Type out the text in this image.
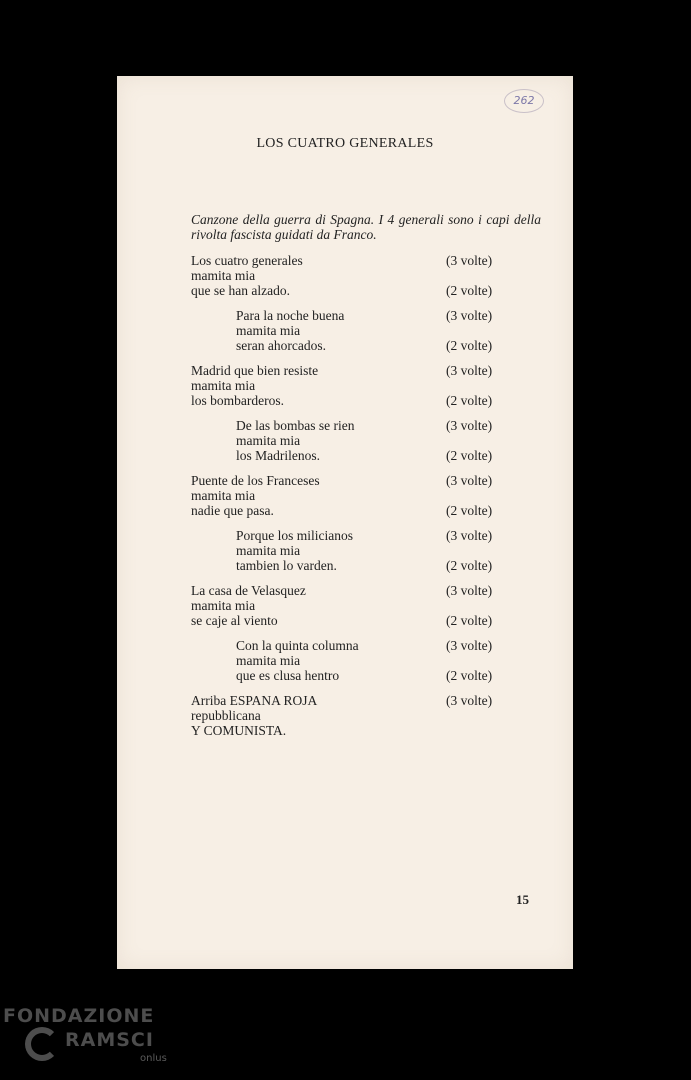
262
LOS CUATRO GENERALES
Canzone della guerra di Spagna. I 4 generali sono i capi della rivolta fascista guidati da Franco.
Los cuatro generales	(3 volte)
mamita mia
que se han alzado.	(2 volte)
Para la noche buena	(3 volte)
mamita mia
seran ahorcados.	(2 volte)
Madrid que bien resiste	(3 volte)
mamita mia
los bombarderos.	(2 volte)
De las bombas se rien	(3 volte)
mamita mia
los Madrilenos.	(2 volte)
Puente de los Franceses	(3 volte)
mamita mia
nadie que pasa.	(2 volte)
Porque los milicianos	(3 volte)
mamita mia
tambien lo varden.	(2 volte)
La casa de Velasquez	(3 volte)
mamita mia
se caje al viento	(2 volte)
Con la quinta columna	(3 volte)
mamita mia
que es clusa hentro	(2 volte)
Arriba ESPANA ROJA	(3 volte)
repubblicana
Y COMUNISTA.
15
FONDAZIONE
RAMSCI
onlus
